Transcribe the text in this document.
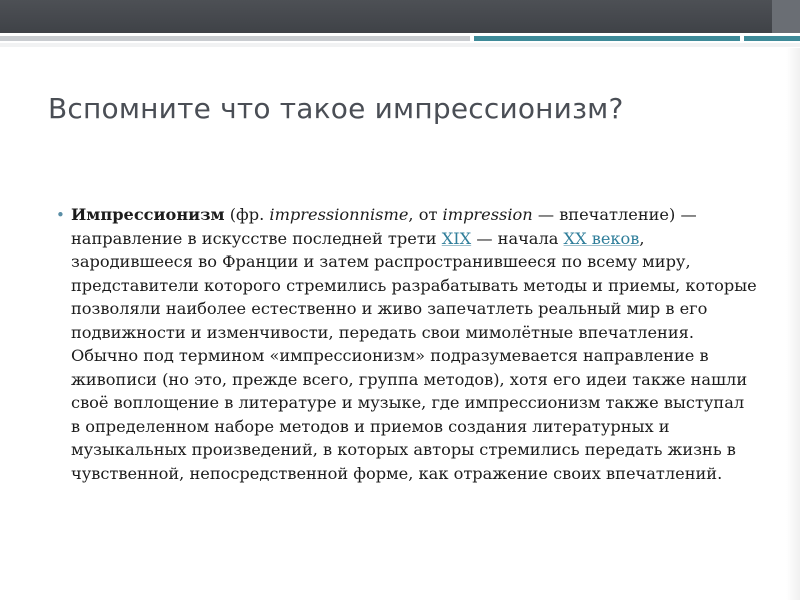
Вспомните что такое импрессионизм?
• Импрессионизм (фр. impressionnisme, от impression — впечатление) — направление в искусстве последней трети XIX — начала XX веков, зародившееся во Франции и затем распространившееся по всему миру, представители которого стремились разрабатывать методы и приемы, которые позволяли наиболее естественно и живо запечатлеть реальный мир в его подвижности и изменчивости, передать свои мимолётные впечатления. Обычно под термином «импрессионизм» подразумевается направление в живописи (но это, прежде всего, группа методов), хотя его идеи также нашли своё воплощение в литературе и музыке, где импрессионизм также выступал в определенном наборе методов и приемов создания литературных и музыкальных произведений, в которых авторы стремились передать жизнь в чувственной, непосредственной форме, как отражение своих впечатлений.
